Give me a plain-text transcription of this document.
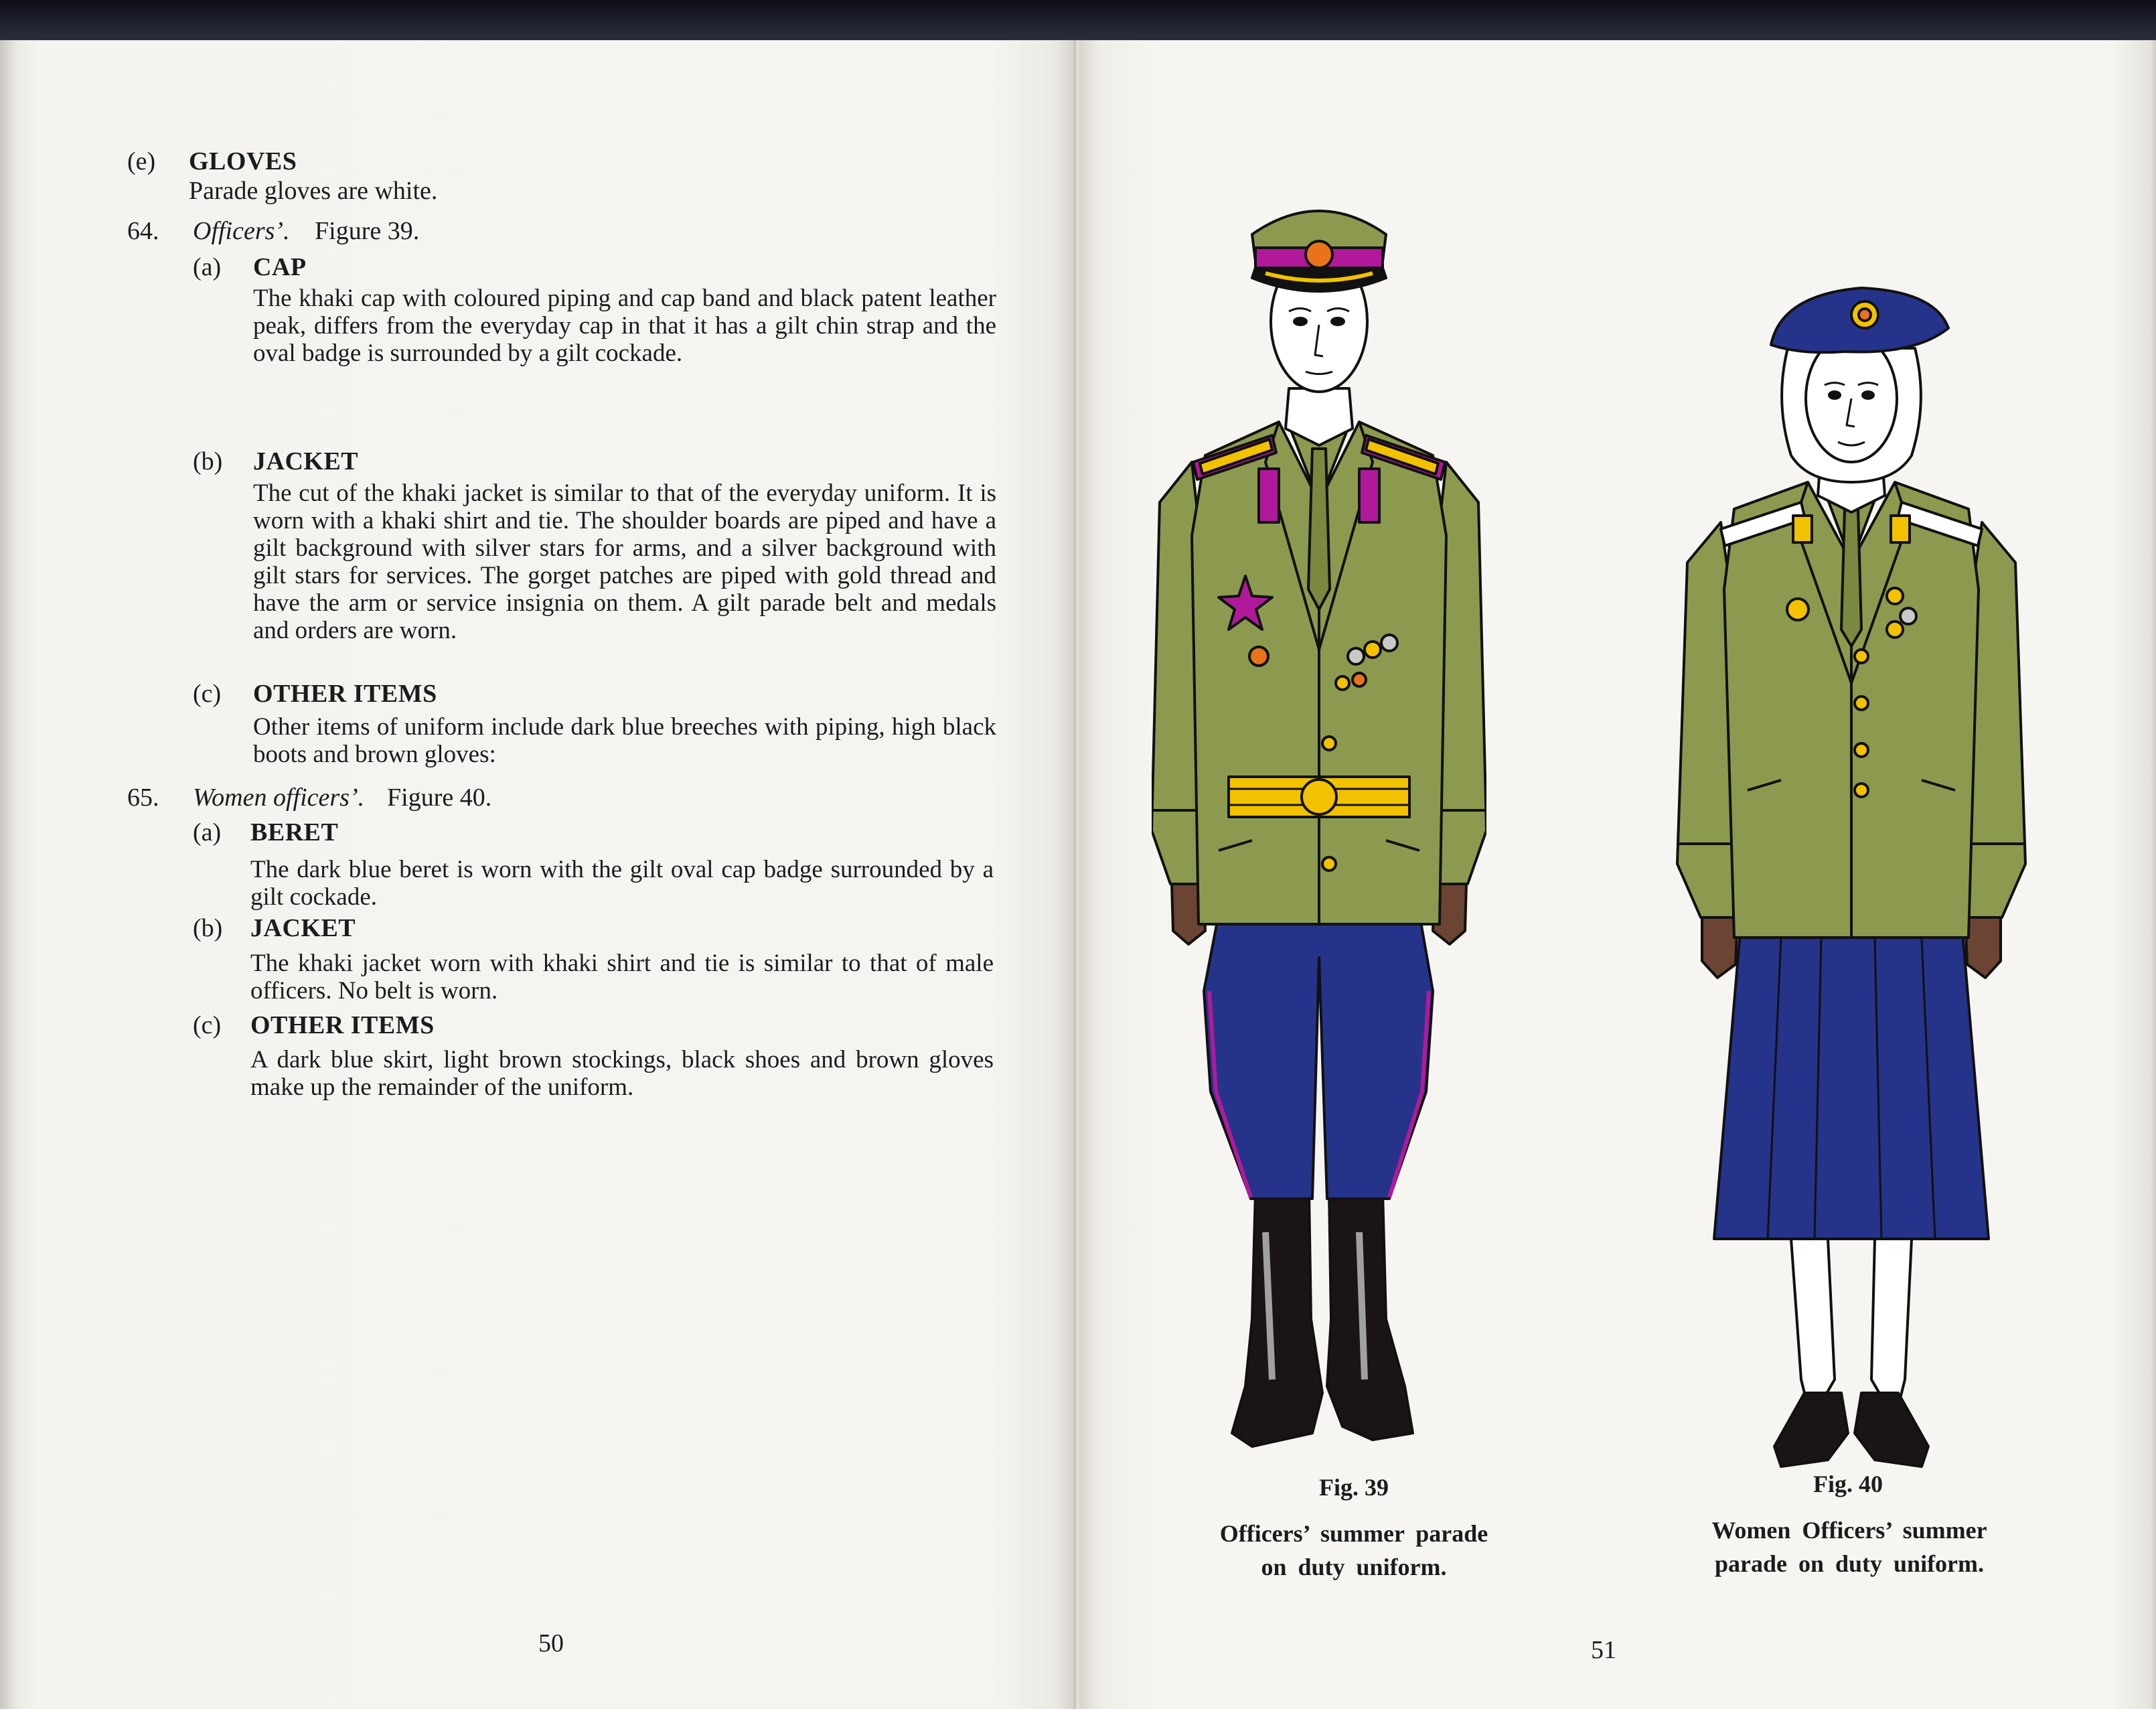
(e) GLOVES
Parade gloves are white.
64. Officers’. Figure 39.
(a) CAP
The khaki cap with coloured piping and cap band and black patent leather peak, differs from the everyday cap in that it has a gilt chin strap and the oval badge is surrounded by a gilt cockade.
(b) JACKET
The cut of the khaki jacket is similar to that of the everyday uniform. It is worn with a khaki shirt and tie. The shoulder boards are piped and have a gilt background with silver stars for arms, and a silver background with gilt stars for services. The gorget patches are piped with gold thread and have the arm or service insignia on them. A gilt parade belt and medals and orders are worn.
(c) OTHER ITEMS
Other items of uniform include dark blue breeches with piping, high black boots and brown gloves:
65. Women officers’. Figure 40.
(a) BERET
The dark blue beret is worn with the gilt oval cap badge surrounded by a gilt cockade.
(b) JACKET
The khaki jacket worn with khaki shirt and tie is similar to that of male officers. No belt is worn.
(c) OTHER ITEMS
A dark blue skirt, light brown stockings, black shoes and brown gloves make up the remainder of the uniform.
50
Fig. 39
Officers’ summer parade
on duty uniform.
Fig. 40
Women Officers’ summer
parade on duty uniform.
51
